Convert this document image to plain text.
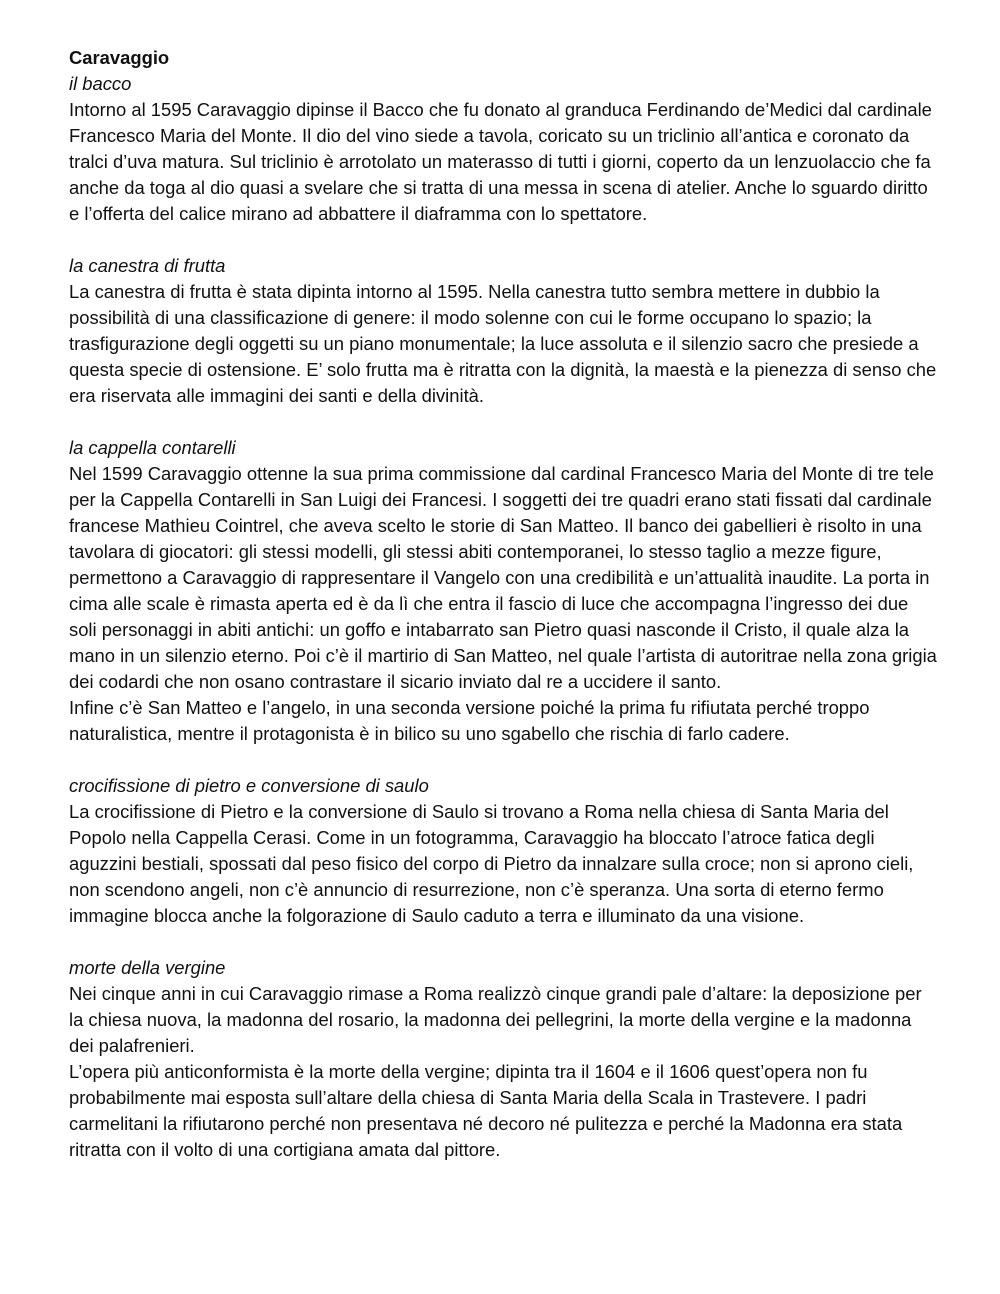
Caravaggio

il bacco

Intorno al 1595 Caravaggio dipinse il Bacco che fu donato al granduca Ferdinando de’Medici dal cardinale Francesco Maria del Monte. Il dio del vino siede a tavola, coricato su un triclinio all’antica e coronato da tralci d’uva matura. Sul triclinio è arrotolato un materasso di tutti i giorni, coperto da un lenzuolaccio che fa anche da toga al dio quasi a svelare che si tratta di una messa in scena di atelier. Anche lo sguardo diritto e l’offerta del calice mirano ad abbattere il diaframma con lo spettatore.

la canestra di frutta

La canestra di frutta è stata dipinta intorno al 1595. Nella canestra tutto sembra mettere in dubbio la possibilità di una classificazione di genere: il modo solenne con cui le forme occupano lo spazio; la trasfigurazione degli oggetti su un piano monumentale; la luce assoluta e il silenzio sacro che presiede a questa specie di ostensione. E’ solo frutta ma è ritratta con la dignità, la maestà e la pienezza di senso che era riservata alle immagini dei santi e della divinità.

la cappella contarelli

Nel 1599 Caravaggio ottenne la sua prima commissione dal cardinal Francesco Maria del Monte di tre tele per la Cappella Contarelli in San Luigi dei Francesi. I soggetti dei tre quadri erano stati fissati dal cardinale francese Mathieu Cointrel, che aveva scelto le storie di San Matteo. Il banco dei gabellieri è risolto in una tavolara di giocatori: gli stessi modelli, gli stessi abiti contemporanei, lo stesso taglio a mezze figure, permettono a Caravaggio di rappresentare il Vangelo con una credibilità e un’attualità inaudite. La porta in cima alle scale è rimasta aperta ed è da lì che entra il fascio di luce che accompagna l’ingresso dei due soli personaggi in abiti antichi: un goffo e intabarrato san Pietro quasi nasconde il Cristo, il quale alza la mano in un silenzio eterno. Poi c’è il martirio di San Matteo, nel quale l’artista di autoritrae nella zona grigia dei codardi che non osano contrastare il sicario inviato dal re a uccidere il santo.

Infine c’è San Matteo e l’angelo, in una seconda versione poiché la prima fu rifiutata perché troppo naturalistica, mentre il protagonista è in bilico su uno sgabello che rischia di farlo cadere.

crocifissione di pietro e conversione di saulo

La crocifissione di Pietro e la conversione di Saulo si trovano a Roma nella chiesa di Santa Maria del Popolo nella Cappella Cerasi. Come in un fotogramma, Caravaggio ha bloccato l’atroce fatica degli aguzzini bestiali, spossati dal peso fisico del corpo di Pietro da innalzare sulla croce; non si aprono cieli, non scendono angeli, non c’è annuncio di resurrezione, non c’è speranza. Una sorta di eterno fermo immagine blocca anche la folgorazione di Saulo caduto a terra e illuminato da una visione.

morte della vergine

Nei cinque anni in cui Caravaggio rimase a Roma realizzò cinque grandi pale d’altare: la deposizione per la chiesa nuova, la madonna del rosario, la madonna dei pellegrini, la morte della vergine e la madonna dei palafrenieri.

L’opera più anticonformista è la morte della vergine; dipinta tra il 1604 e il 1606 quest’opera non fu probabilmente mai esposta sull’altare della chiesa di Santa Maria della Scala in Trastevere. I padri carmelitani la rifiutarono perché non presentava né decoro né pulitezza e perché la Madonna era stata ritratta con il volto di una cortigiana amata dal pittore.
